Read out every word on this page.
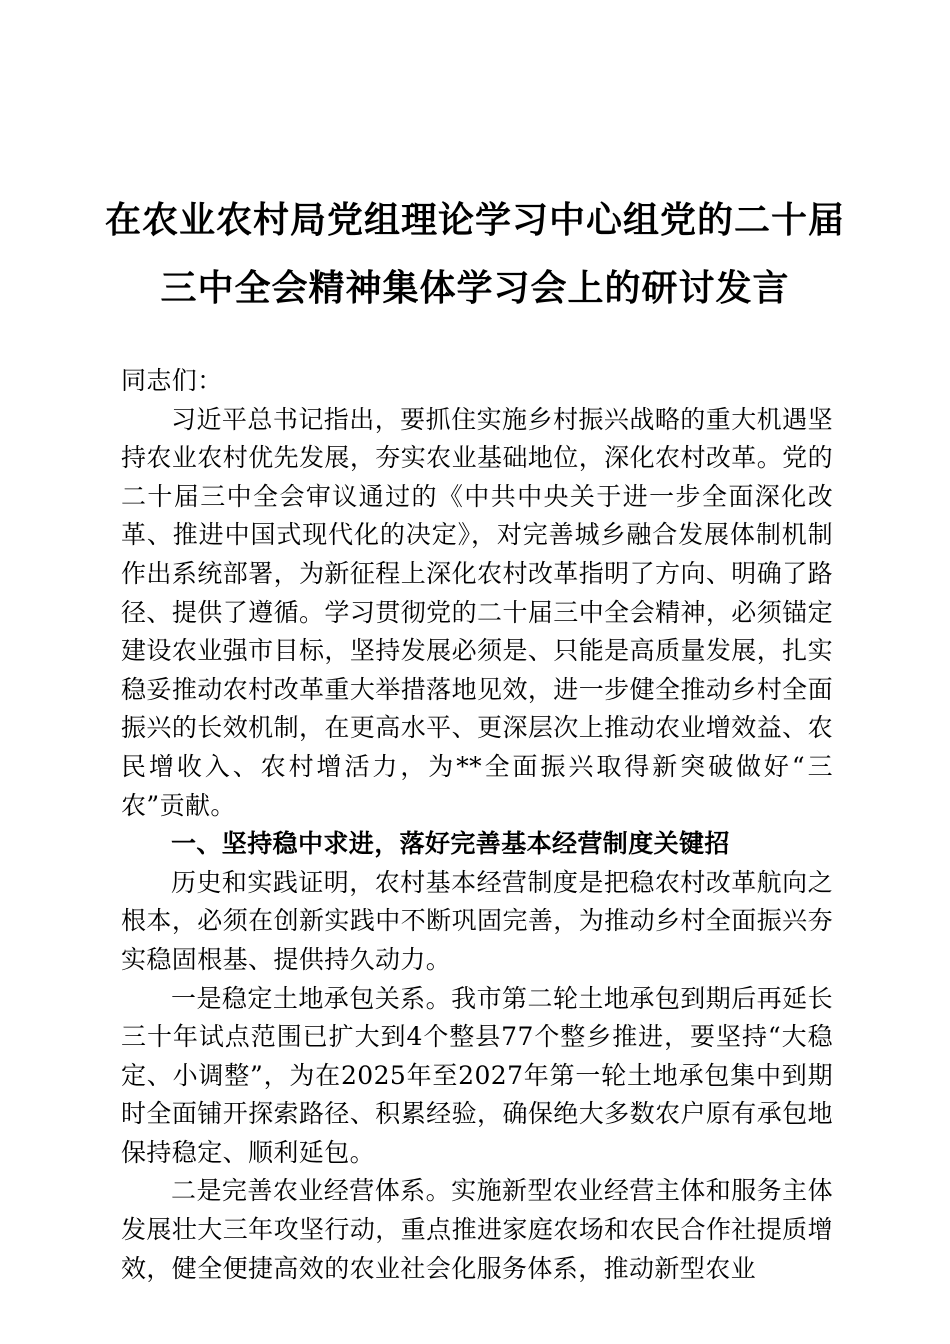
在农业农村局党组理论学习中心组党的二十届
三中全会精神集体学习会上的研讨发言

同志们：

习近平总书记指出，要抓住实施乡村振兴战略的重大机遇坚持农业农村优先发展，夯实农业基础地位，深化农村改革。党的二十届三中全会审议通过的《中共中央关于进一步全面深化改革、推进中国式现代化的决定》，对完善城乡融合发展体制机制作出系统部署，为新征程上深化农村改革指明了方向、明确了路径、提供了遵循。学习贯彻党的二十届三中全会精神，必须锚定建设农业强市目标，坚持发展必须是、只能是高质量发展，扎实稳妥推动农村改革重大举措落地见效，进一步健全推动乡村全面振兴的长效机制，在更高水平、更深层次上推动农业增效益、农民增收入、农村增活力，为**全面振兴取得新突破做好“三农”贡献。

一、坚持稳中求进，落好完善基本经营制度关键招

历史和实践证明，农村基本经营制度是把稳农村改革航向之根本，必须在创新实践中不断巩固完善，为推动乡村全面振兴夯实稳固根基、提供持久动力。

一是稳定土地承包关系。我市第二轮土地承包到期后再延长三十年试点范围已扩大到4个整县77个整乡推进，要坚持“大稳定、小调整”，为在2025年至2027年第一轮土地承包集中到期时全面铺开探索路径、积累经验，确保绝大多数农户原有承包地保持稳定、顺利延包。

二是完善农业经营体系。实施新型农业经营主体和服务主体发展壮大三年攻坚行动，重点推进家庭农场和农民合作社提质增效，健全便捷高效的农业社会化服务体系，推动新型农业
